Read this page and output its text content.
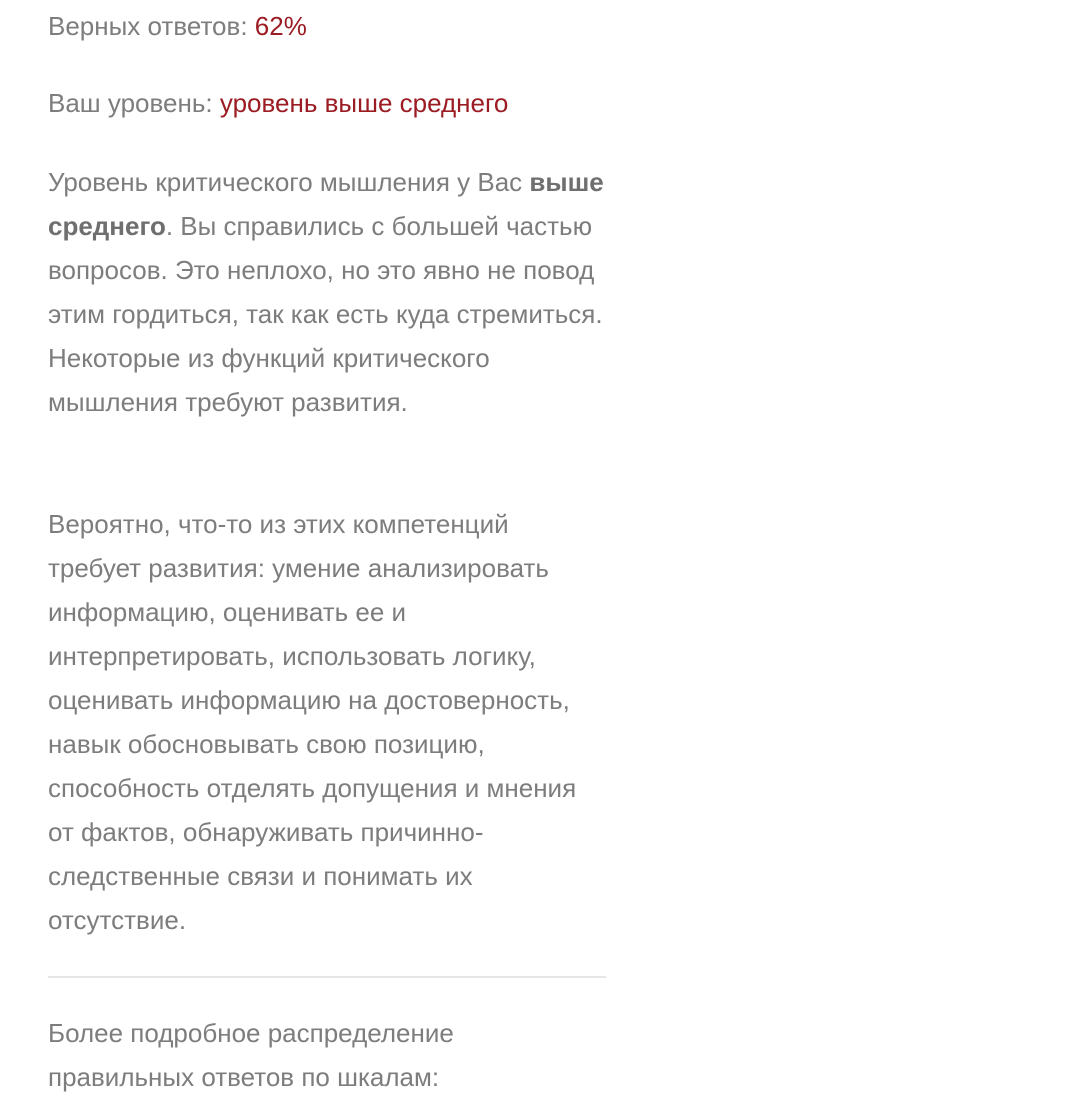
Верных ответов: 62%

Ваш уровень: уровень выше среднего

Уровень критического мышления у Вас выше среднего. Вы справились с большей частью вопросов. Это неплохо, но это явно не повод этим гордиться, так как есть куда стремиться. Некоторые из функций критического мышления требуют развития.

Вероятно, что-то из этих компетенций требует развития: умение анализировать информацию, оценивать ее и интерпретировать, использовать логику, оценивать информацию на достоверность, навык обосновывать свою позицию, способность отделять допущения и мнения от фактов, обнаруживать причинно-следственные связи и понимать их отсутствие.

Более подробное распределение правильных ответов по шкалам:
